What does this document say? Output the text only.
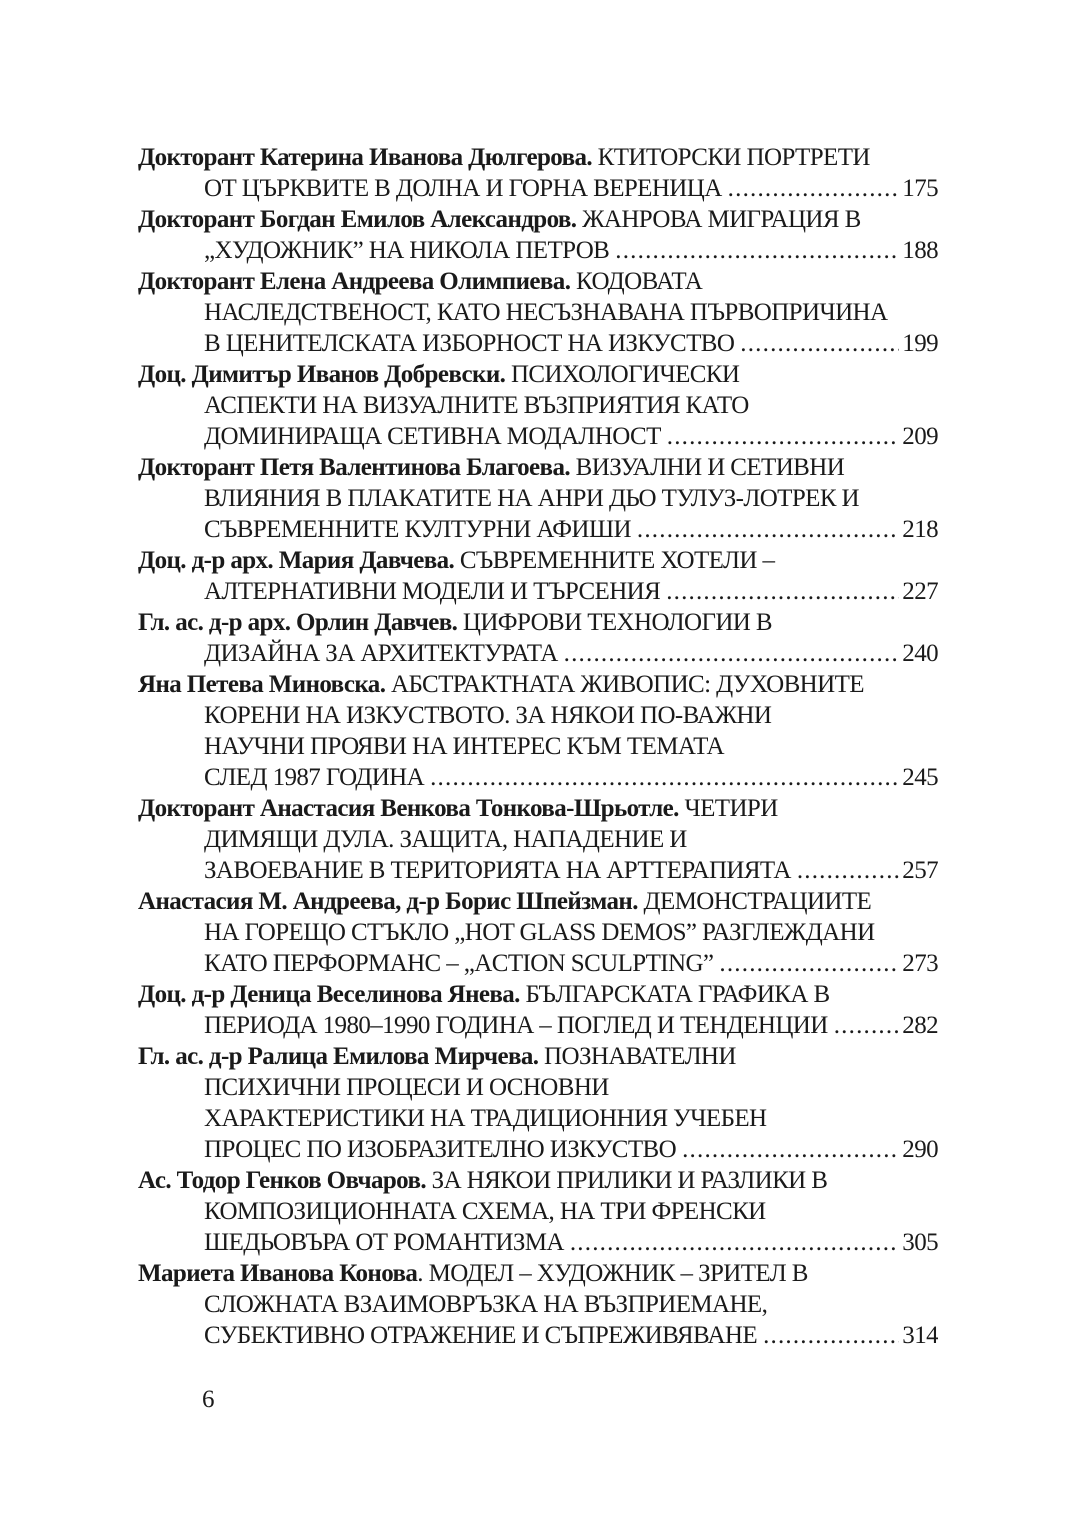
Докторант Катерина Иванова Дюлгерова. КТИТОРСКИ ПОРТРЕТИ
ОТ ЦЪРКВИТЕ В ДОЛНА И ГОРНА ВЕРЕНИЦА .....	175
Докторант Богдан Емилов Александров. ЖАНРОВА МИГРАЦИЯ В
„ХУДОЖНИК” НА НИКОЛА ПЕТРОВ .....	188
Докторант Елена Андреева Олимпиева. КОДОВАТА
НАСЛЕДСТВЕНОСТ, КАТО НЕСЪЗНАВАНА ПЪРВОПРИЧИНА
В ЦЕНИТЕЛСКАТА ИЗБОРНОСТ НА ИЗКУСТВО .....	199
Доц. Димитър Иванов Добревски. ПСИХОЛОГИЧЕСКИ
АСПЕКТИ НА ВИЗУАЛНИТЕ ВЪЗПРИЯТИЯ КАТО
ДОМИНИРАЩА СЕТИВНА МОДАЛНОСТ .....	209
Докторант Петя Валентинова Благоева. ВИЗУАЛНИ И СЕТИВНИ
ВЛИЯНИЯ В ПЛАКАТИТЕ НА АНРИ ДЬО ТУЛУЗ-ЛОТРЕК И
СЪВРЕМЕННИТЕ КУЛТУРНИ АФИШИ .....	218
Доц. д-р арх. Мария Давчева. СЪВРЕМЕННИТЕ ХОТЕЛИ –
АЛТЕРНАТИВНИ МОДЕЛИ И ТЪРСЕНИЯ .....	227
Гл. ас. д-р арх. Орлин Давчев. ЦИФРОВИ ТЕХНОЛОГИИ В
ДИЗАЙНА ЗА АРХИТЕКТУРАТА .....	240
Яна Петева Миновска. АБСТРАКТНАТА ЖИВОПИС: ДУХОВНИТЕ
КОРЕНИ НА ИЗКУСТВОТО. ЗА НЯКОИ ПО-ВАЖНИ
НАУЧНИ ПРОЯВИ НА ИНТЕРЕС КЪМ ТЕМАТА
СЛЕД 1987 ГОДИНА .....	245
Докторант Анастасия Венкова Тонкова-Шрьотле. ЧЕТИРИ
ДИМЯЩИ ДУЛА. ЗАЩИТА, НАПАДЕНИЕ И
ЗАВОЕВАНИЕ В ТЕРИТОРИЯТА НА АРТТЕРАПИЯТА .....	257
Анастасия М. Андреева, д-р Борис Шпейзман. ДЕМОНСТРАЦИИТЕ
НА ГОРЕЩО СТЪКЛО „HOT GLASS DEMOS” РАЗГЛЕЖДАНИ
КАТО ПЕРФОРМАНС – „ACTION SCULPTING” .....	273
Доц. д-р Деница Веселинова Янева. БЪЛГАРСКАТА ГРАФИКА В
ПЕРИОДА 1980–1990 ГОДИНА – ПОГЛЕД И ТЕНДЕНЦИИ .....	282
Гл. ас. д-р Ралица Емилова Мирчева. ПОЗНАВАТЕЛНИ
ПСИХИЧНИ ПРОЦЕСИ И ОСНОВНИ
ХАРАКТЕРИСТИКИ НА ТРАДИЦИОННИЯ УЧЕБЕН
ПРОЦЕС ПО ИЗОБРАЗИТЕЛНО ИЗКУСТВО .....	290
Ас. Тодор Генков Овчаров. ЗА НЯКОИ ПРИЛИКИ И РАЗЛИКИ В
КОМПОЗИЦИОННАТА СХЕМА, НА ТРИ ФРЕНСКИ
ШЕДЬОВЪРА ОТ РОМАНТИЗМА .....	305
Мариета Иванова Конова. МОДЕЛ – ХУДОЖНИК – ЗРИТЕЛ В
СЛОЖНАТА ВЗАИМОВРЪЗКА НА ВЪЗПРИЕМАНЕ,
СУБЕКТИВНО ОТРАЖЕНИЕ И СЪПРЕЖИВЯВАНЕ .....	314
6
